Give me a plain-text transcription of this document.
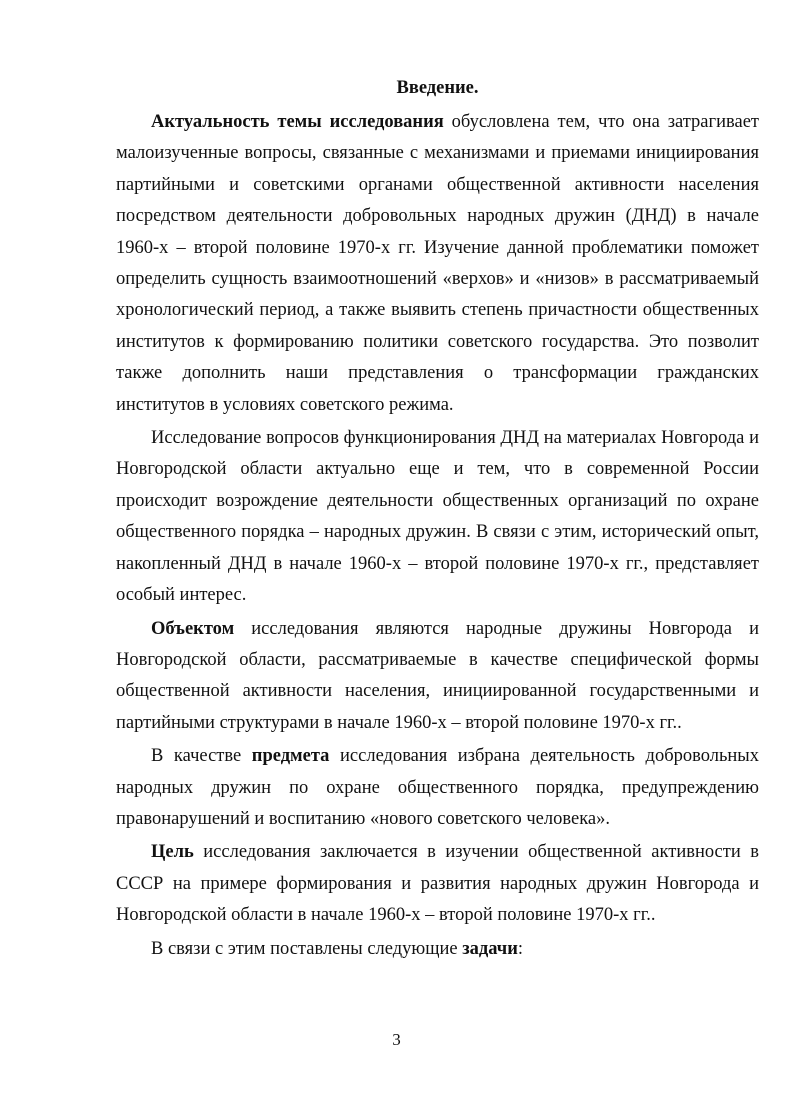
Введение.

Актуальность темы исследования обусловлена тем, что она затрагивает малоизученные вопросы, связанные с механизмами и приемами инициирования партийными и советскими органами общественной активности населения посредством деятельности добровольных народных дружин (ДНД) в начале 1960-х – второй половине 1970-х гг. Изучение данной проблематики поможет определить сущность взаимоотношений «верхов» и «низов» в рассматриваемый хронологический период, а также выявить степень причастности общественных институтов к формированию политики советского государства. Это позволит также дополнить наши представления о трансформации гражданских институтов в условиях советского режима.

Исследование вопросов функционирования ДНД на материалах Новгорода и Новгородской области актуально еще и тем, что в современной России происходит возрождение деятельности общественных организаций по охране общественного порядка – народных дружин. В связи с этим, исторический опыт, накопленный ДНД в начале 1960-х – второй половине 1970-х гг., представляет особый интерес.

Объектом исследования являются народные дружины Новгорода и Новгородской области, рассматриваемые в качестве специфической формы общественной активности населения, инициированной государственными и партийными структурами в начале 1960-х – второй половине 1970-х гг..

В качестве предмета исследования избрана деятельность добровольных народных дружин по охране общественного порядка, предупреждению правонарушений и воспитанию «нового советского человека».

Цель исследования заключается в изучении общественной активности в СССР на примере формирования и развития народных дружин Новгорода и Новгородской области в начале 1960-х – второй половине 1970-х гг..

В связи с этим поставлены следующие задачи:

3
